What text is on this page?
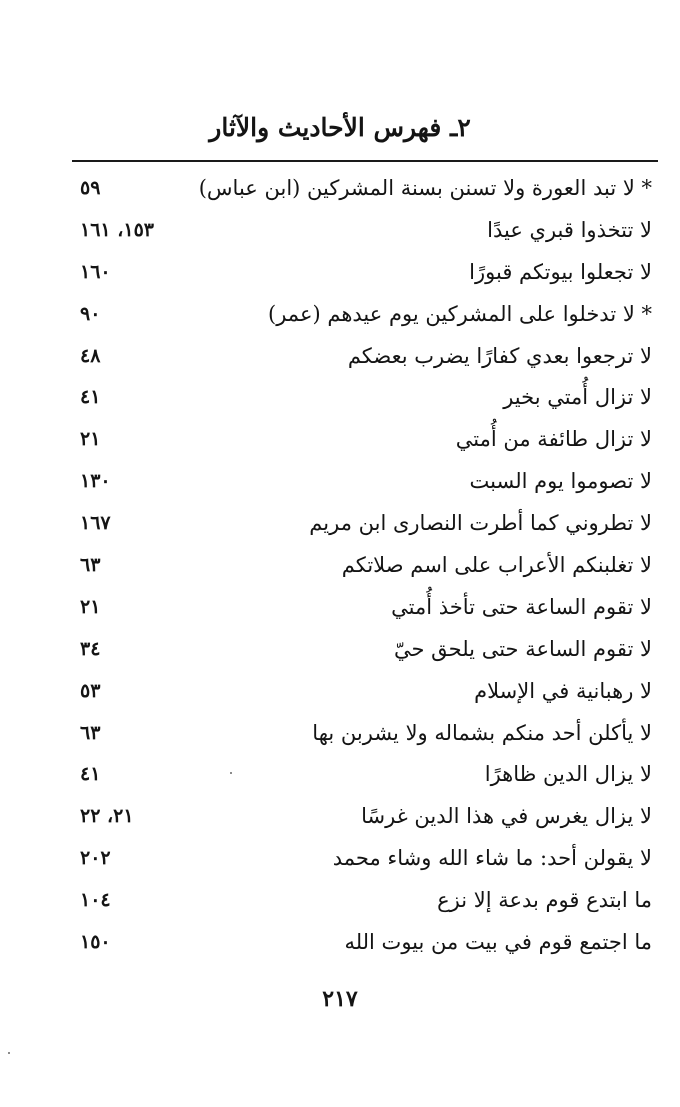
٢ـ فهرس الأحاديث والآثار
* لا تبد العورة ولا تسنن بسنة المشركين (ابن عباس)
٥٩
لا تتخذوا قبري عيدًا
١٥٣، ١٦١
لا تجعلوا بيوتكم قبورًا
١٦٠
* لا تدخلوا على المشركين يوم عيدهم (عمر)
٩٠
لا ترجعوا بعدي كفارًا يضرب بعضكم
٤٨
لا تزال أُمتي بخير
٤١
لا تزال طائفة من أُمتي
٢١
لا تصوموا يوم السبت
١٣٠
لا تطروني كما أطرت النصارى ابن مريم
١٦٧
لا تغلبنكم الأعراب على اسم صلاتكم
٦٣
لا تقوم الساعة حتى تأخذ أُمتي
٢١
لا تقوم الساعة حتى يلحق حيّ
٣٤
لا رهبانية في الإسلام
٥٣
لا يأكلن أحد منكم بشماله ولا يشربن بها
٦٣
لا يزال الدين ظاهرًا
٤١
لا يزال يغرس في هذا الدين غرسًا
٢١، ٢٢
لا يقولن أحد: ما شاء الله وشاء محمد
٢٠٢
ما ابتدع قوم بدعة إلا نزع
١٠٤
ما اجتمع قوم في بيت من بيوت الله
١٥٠
٢١٧
